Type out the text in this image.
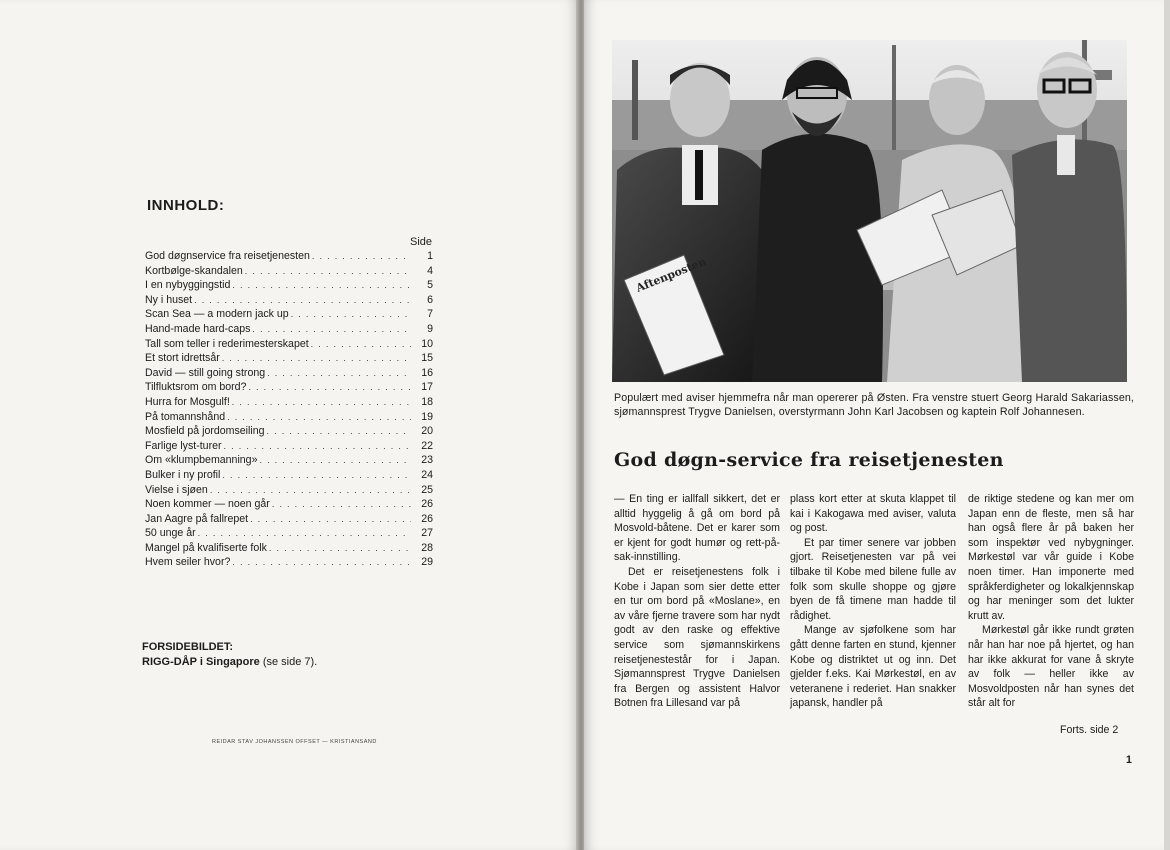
INNHOLD:
Side
God døgnservice fra reisetjenesten . . .	1
Kortbølge-skandalen . . .	4
I en nybyggingstid . . .	5
Ny i huset . . .	6
Scan Sea — a modern jack up . . .	7
Hand-made hard-caps . . .	9
Tall som teller i rederimesterskapet . . .	10
Et stort idrettsår . . .	15
David — still going strong . . .	16
Tilfluktsrom om bord? . . .	17
Hurra for Mosgulf! . . .	18
På tomannshånd . . .	19
Mosfield på jordomseiling . . .	20
Farlige lyst-turer . . .	22
Om «klumpbemanning» . . .	23
Bulker i ny profil . . .	24
Vielse i sjøen . . .	25
Noen kommer — noen går . . .	26
Jan Aagre på fallrepet . . .	26
50 unge år . . .	27
Mangel på kvalifiserte folk . . .	28
Hvem seiler hvor? . . .	29
FORSIDEBILDET:
RIGG-DÅP i Singapore (se side 7).
REIDAR STAV JOHANSSEN OFFSET — KRISTIANSAND
Aftenposten
Populært med aviser hjemmefra når man opererer på Østen. Fra venstre stuert Georg Harald Sakariassen, sjømannsprest Trygve Danielsen, overstyrmann John Karl Jacobsen og kaptein Rolf Johannesen.
God døgn-service fra reisetjenesten

— En ting er iallfall sikkert, det er alltid hyggelig å gå om bord på Mosvold-båtene. Det er karer som er kjent for godt humør og rett-på-sak-innstilling.

Det er reisetjenestens folk i Kobe i Japan som sier dette etter en tur om bord på «Moslane», en av våre fjerne travere som har nydt godt av den raske og effektive service som sjømannskirkens reisetjenestestår for i Japan. Sjømannsprest Trygve Danielsen fra Bergen og assistent Halvor Botnen fra Lillesand var på

plass kort etter at skuta klappet til kai i Kakogawa med aviser, valuta og post.

Et par timer senere var jobben gjort. Reisetjenesten var på vei tilbake til Kobe med bilene fulle av folk som skulle shoppe og gjøre byen de få timene man hadde til rådighet.

Mange av sjøfolkene som har gått denne farten en stund, kjenner Kobe og distriktet ut og inn. Det gjelder f.eks. Kai Mørkestøl, en av veteranene i rederiet. Han snakker japansk, handler på

de riktige stedene og kan mer om Japan enn de fleste, men så har han også flere år på baken her som inspektør ved nybygninger. Mørkestøl var vår guide i Kobe noen timer. Han imponerte med språkferdigheter og lokalkjennskap og har meninger som det lukter krutt av.

Mørkestøl går ikke rundt grøten når han har noe på hjertet, og han har ikke akkurat for vane å skryte av folk — heller ikke av Mosvoldposten når han synes det står alt for

Forts. side 2
1
